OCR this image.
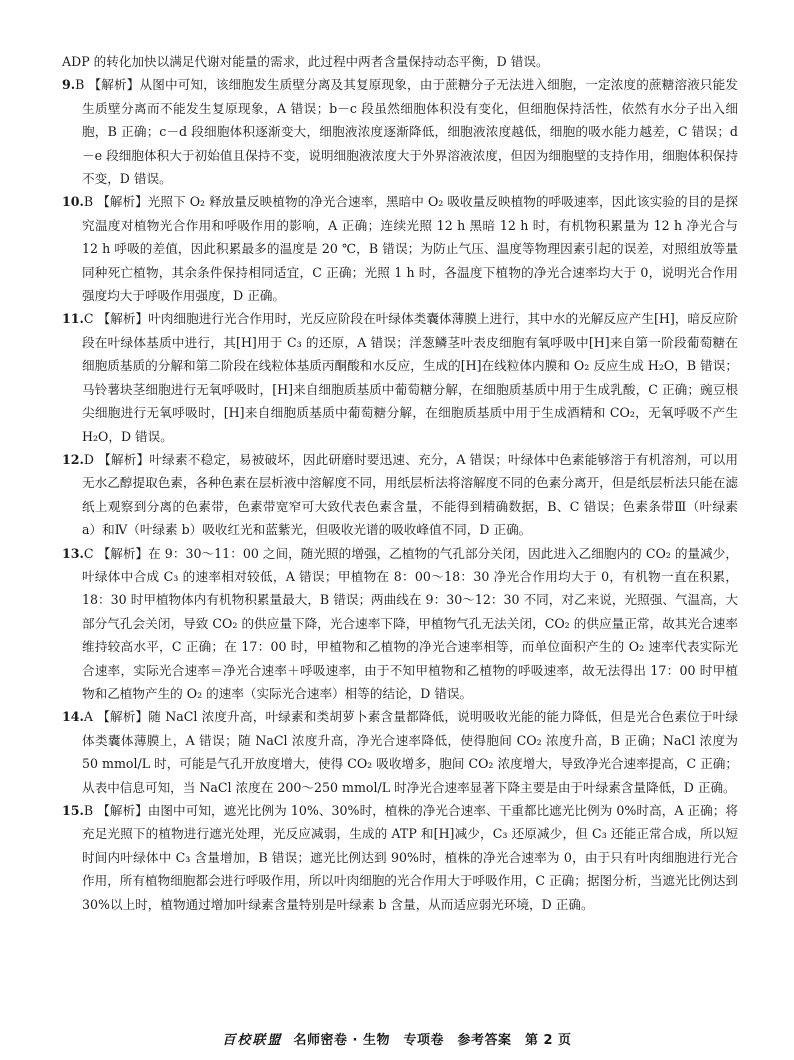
ADP 的转化加快以满足代谢对能量的需求，此过程中两者含量保持动态平衡，D 错误。

9.B 【解析】从图中可知，该细胞发生质壁分离及其复原现象，由于蔗糖分子无法进入细胞，一定浓度的蔗糖溶液只能发生质壁分离而不能发生复原现象，A 错误；b－c 段虽然细胞体积没有变化，但细胞保持活性，依然有水分子出入细胞，B 正确；c－d 段细胞体积逐渐变大，细胞液浓度逐渐降低，细胞液浓度越低，细胞的吸水能力越差，C 错误；d－e 段细胞体积大于初始值且保持不变，说明细胞液浓度大于外界溶液浓度，但因为细胞壁的支持作用，细胞体积保持不变，D 错误。

10.B 【解析】光照下 O₂ 释放量反映植物的净光合速率，黑暗中 O₂ 吸收量反映植物的呼吸速率，因此该实验的目的是探究温度对植物光合作用和呼吸作用的影响，A 正确；连续光照 12 h 黑暗 12 h 时，有机物积累量为 12 h 净光合与 12 h 呼吸的差值，因此积累最多的温度是 20 ℃，B 错误；为防止气压、温度等物理因素引起的误差，对照组放等量同种死亡植物，其余条件保持相同适宜，C 正确；光照 1 h 时，各温度下植物的净光合速率均大于 0，说明光合作用强度均大于呼吸作用强度，D 正确。

11.C 【解析】叶肉细胞进行光合作用时，光反应阶段在叶绿体类囊体薄膜上进行，其中水的光解反应产生[H]，暗反应阶段在叶绿体基质中进行，其[H]用于 C₃ 的还原，A 错误；洋葱鳞茎叶表皮细胞有氧呼吸中[H]来自第一阶段葡萄糖在细胞质基质的分解和第二阶段在线粒体基质丙酮酸和水反应，生成的[H]在线粒体内膜和 O₂ 反应生成 H₂O，B 错误；马铃薯块茎细胞进行无氧呼吸时，[H]来自细胞质基质中葡萄糖分解，在细胞质基质中用于生成乳酸，C 正确；豌豆根尖细胞进行无氧呼吸时，[H]来自细胞质基质中葡萄糖分解，在细胞质基质中用于生成酒精和 CO₂，无氧呼吸不产生 H₂O，D 错误。

12.D 【解析】叶绿素不稳定，易被破坏，因此研磨时要迅速、充分，A 错误；叶绿体中色素能够溶于有机溶剂，可以用无水乙醇提取色素，各种色素在层析液中溶解度不同，用纸层析法将溶解度不同的色素分离开，但是纸层析法只能在滤纸上观察到分离的色素带，色素带宽窄可大致代表色素含量，不能得到精确数据，B、C 错误；色素条带Ⅲ（叶绿素 a）和Ⅳ（叶绿素 b）吸收红光和蓝紫光，但吸收光谱的吸收峰值不同，D 正确。

13.C 【解析】在 9：30～11：00 之间，随光照的增强，乙植物的气孔部分关闭，因此进入乙细胞内的 CO₂ 的量减少，叶绿体中合成 C₃ 的速率相对较低，A 错误；甲植物在 8：00～18：30 净光合作用均大于 0，有机物一直在积累，18：30 时甲植物体内有机物积累量最大，B 错误；两曲线在 9：30～12：30 不同，对乙来说，光照强、气温高，大部分气孔会关闭，导致 CO₂ 的供应量下降，光合速率下降，甲植物气孔无法关闭，CO₂ 的供应量正常，故其光合速率维持较高水平，C 正确；在 17：00 时，甲植物和乙植物的净光合速率相等，而单位面积产生的 O₂ 速率代表实际光合速率，实际光合速率＝净光合速率＋呼吸速率，由于不知甲植物和乙植物的呼吸速率，故无法得出 17：00 时甲植物和乙植物产生的 O₂ 的速率（实际光合速率）相等的结论，D 错误。

14.A 【解析】随 NaCl 浓度升高，叶绿素和类胡萝卜素含量都降低，说明吸收光能的能力降低，但是光合色素位于叶绿体类囊体薄膜上，A 错误；随 NaCl 浓度升高，净光合速率降低，使得胞间 CO₂ 浓度升高，B 正确；NaCl 浓度为 50 mmol/L 时，可能是气孔开放度增大，使得 CO₂ 吸收增多，胞间 CO₂ 浓度增大，导致净光合速率提高，C 正确；从表中信息可知，当 NaCl 浓度在 200～250 mmol/L 时净光合速率显著下降主要是由于叶绿素含量降低，D 正确。

15.B 【解析】由图中可知，遮光比例为 10%、30%时，植株的净光合速率、干重都比遮光比例为 0%时高，A 正确；将充足光照下的植物进行遮光处理，光反应减弱，生成的 ATP 和[H]减少，C₃ 还原减少，但 C₃ 还能正常合成，所以短时间内叶绿体中 C₃ 含量增加，B 错误；遮光比例达到 90%时，植株的净光合速率为 0，由于只有叶肉细胞进行光合作用，所有植物细胞都会进行呼吸作用，所以叶肉细胞的光合作用大于呼吸作用，C 正确；据图分析，当遮光比例达到 30%以上时，植物通过增加叶绿素含量特别是叶绿素 b 含量，从而适应弱光环境，D 正确。

百校联盟 名师密卷 · 生物　专项卷　参考答案　第 2 页
